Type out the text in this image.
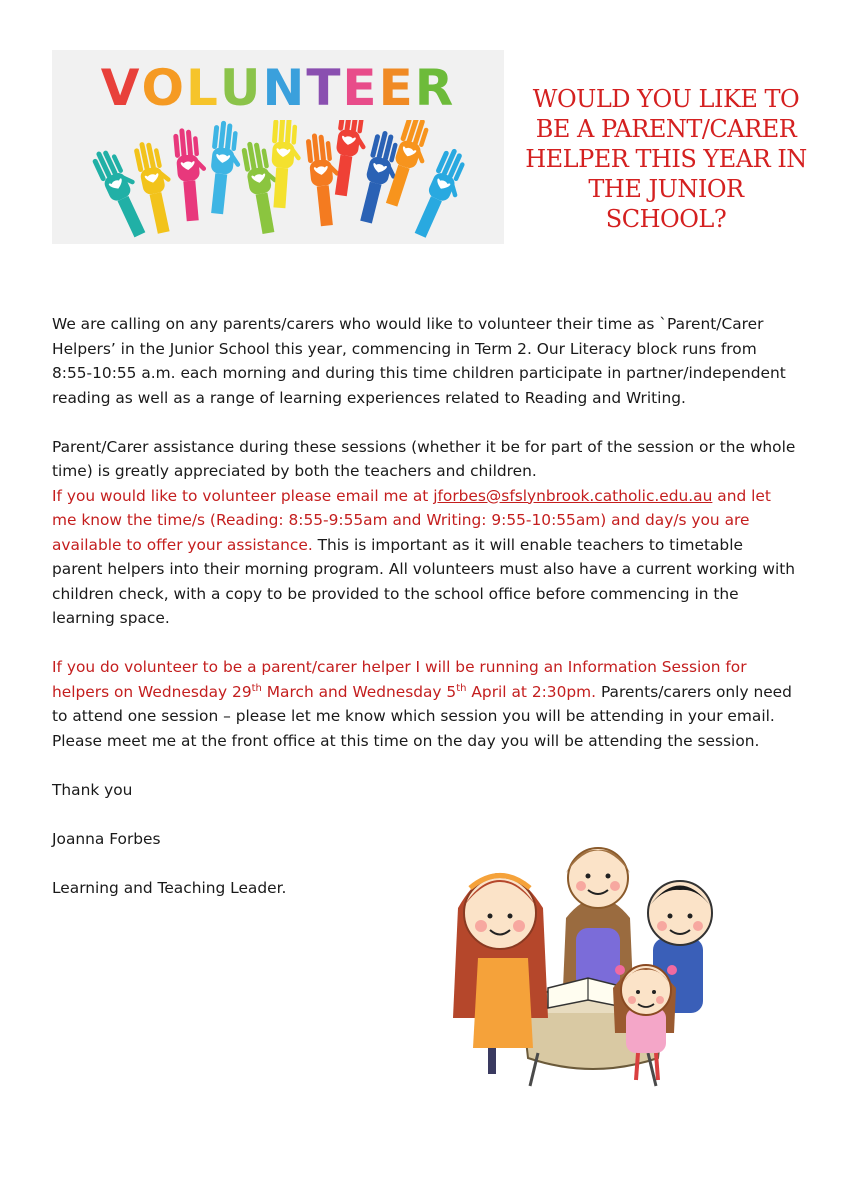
VOLUNTEER	WOULD YOU LIKE TO
BE A PARENT/CARER
HELPER THIS YEAR IN
THE JUNIOR
SCHOOL?

We are calling on any parents/carers who would like to volunteer their time as `Parent/Carer Helpers’ in the Junior School this year, commencing in Term 2. Our Literacy block runs from 8:55-10:55 a.m. each morning and during this time children participate in partner/independent reading as well as a range of learning experiences related to Reading and Writing.

Parent/Carer assistance during these sessions (whether it be for part of the session or the whole time) is greatly appreciated by both the teachers and children.
If you would like to volunteer please email me at jforbes@sfslynbrook.catholic.edu.au and let me know the time/s (Reading: 8:55-9:55am and Writing: 9:55-10:55am) and day/s you are available to offer your assistance. This is important as it will enable teachers to timetable parent helpers into their morning program. All volunteers must also have a current working with children check, with a copy to be provided to the school office before commencing in the learning space.

If you do volunteer to be a parent/carer helper I will be running an Information Session for helpers on Wednesday 29th March and Wednesday 5th April at 2:30pm. Parents/carers only need to attend one session – please let me know which session you will be attending in your email. Please meet me at the front office at this time on the day you will be attending the session.

Thank you

Joanna Forbes

Learning and Teaching Leader.
